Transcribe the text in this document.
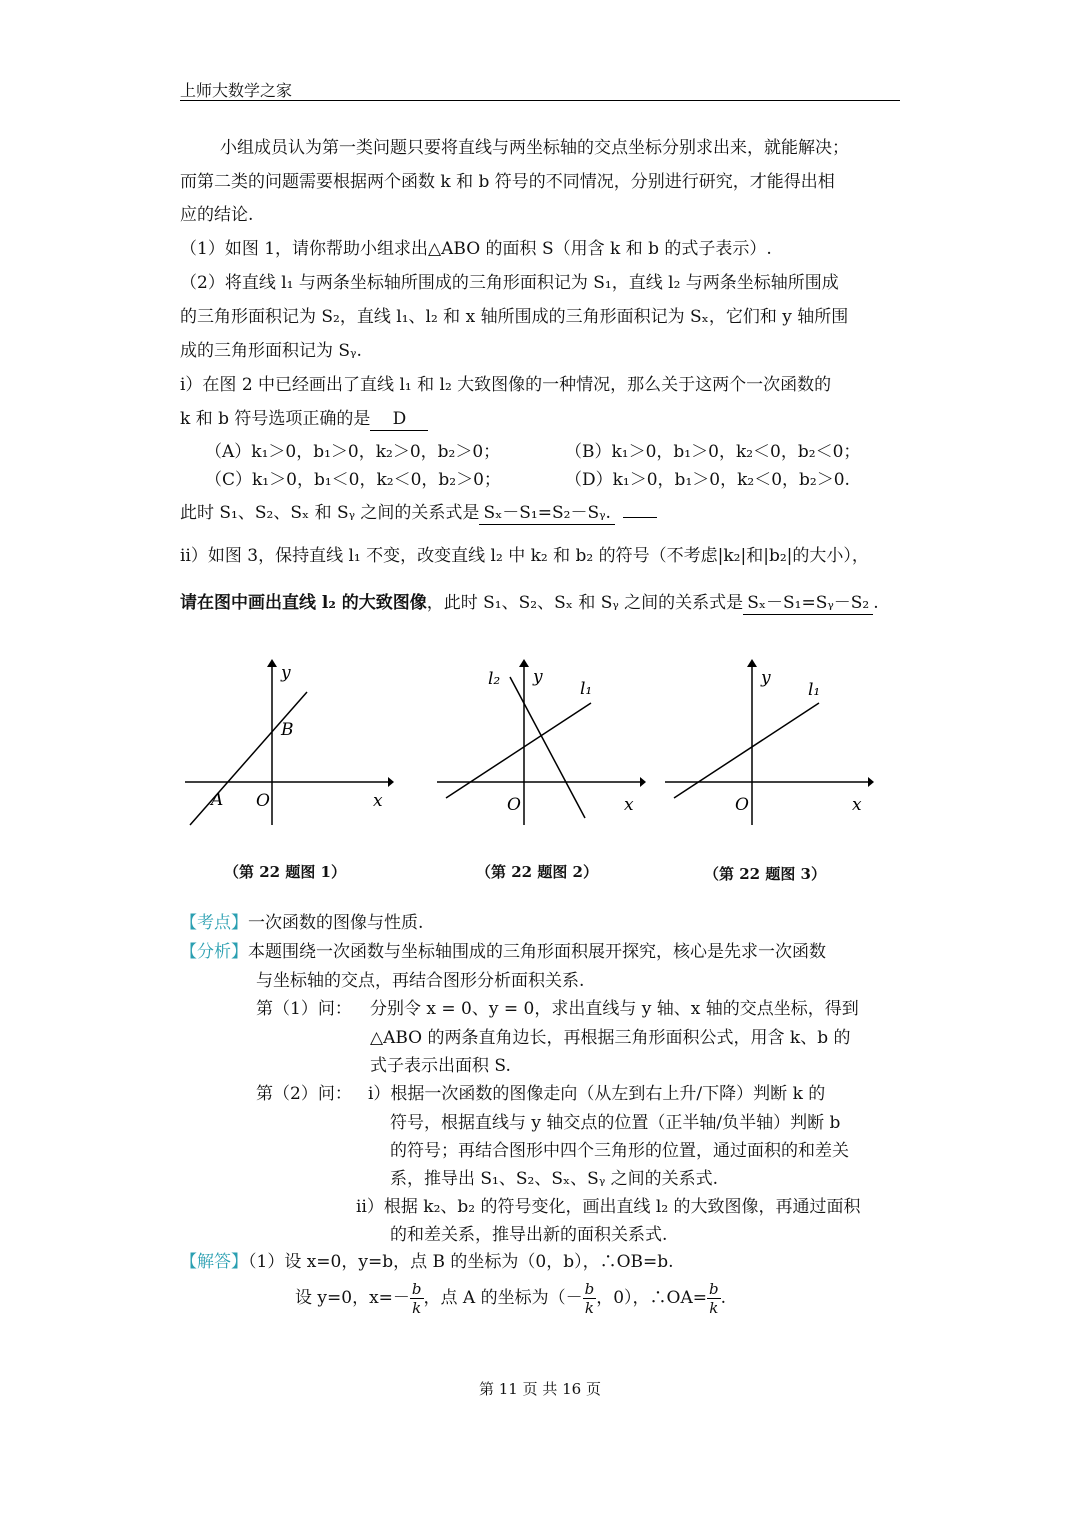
上师大数学之家
小组成员认为第一类问题只要将直线与两坐标轴的交点坐标分别求出来，就能解决；
而第二类的问题需要根据两个函数 k 和 b 符号的不同情况，分别进行研究，才能得出相
应的结论.
（1）如图 1，请你帮助小组求出△ABO 的面积 S（用含 k 和 b 的式子表示）.
（2）将直线 l₁ 与两条坐标轴所围成的三角形面积记为 S₁，直线 l₂ 与两条坐标轴所围成
的三角形面积记为 S₂，直线 l₁、l₂ 和 x 轴所围成的三角形面积记为 Sₓ，它们和 y 轴所围
成的三角形面积记为 Sᵧ.
ⅰ）在图 2 中已经画出了直线 l₁ 和 l₂ 大致图像的一种情况，那么关于这两个一次函数的
k 和 b 符号选项正确的是 D
（A）k₁＞0，b₁＞0，k₂＞0，b₂＞0；	（B）k₁＞0，b₁＞0，k₂＜0，b₂＜0；
（C）k₁＞0，b₁＜0，k₂＜0，b₂＞0；	（D）k₁＞0，b₁＞0，k₂＜0，b₂＞0.
此时 S₁、S₂、Sₓ 和 Sᵧ 之间的关系式是 Sₓ－S₁=S₂－Sᵧ.
ⅱ）如图 3，保持直线 l₁ 不变，改变直线 l₂ 中 k₂ 和 b₂ 的符号（不考虑|k₂|和|b₂|的大小），
请在图中画出直线 l₂ 的大致图像，此时 S₁、S₂、Sₓ 和 Sᵧ 之间的关系式是 Sₓ－S₁=Sᵧ－S₂ .
y
B
A O	x
（第 22 题图 1）
l₂ y
l₁
O	x
（第 22 题图 2）
y
l₁
O	x
（第 22 题图 3）
【考点】一次函数的图像与性质.
【分析】本题围绕一次函数与坐标轴围成的三角形面积展开探究，核心是先求一次函数
与坐标轴的交点，再结合图形分析面积关系.
第（1）问： 分别令 x = 0、y = 0，求出直线与 y 轴、x 轴的交点坐标，得到
△ABO 的两条直角边长，再根据三角形面积公式，用含 k、b 的
式子表示出面积 S.
第（2）问： ⅰ）根据一次函数的图像走向（从左到右上升/下降）判断 k 的
符号，根据直线与 y 轴交点的位置（正半轴/负半轴）判断 b
的符号；再结合图形中四个三角形的位置，通过面积的和差关
系，推导出 S₁、S₂、Sₓ、Sᵧ 之间的关系式.
ⅱ）根据 k₂、b₂ 的符号变化，画出直线 l₂ 的大致图像，再通过面积
的和差关系，推导出新的面积关系式.
【解答】（1）设 x=0，y=b，点 B 的坐标为（0，b），∴OB=b.
设 y=0，$x=- \frac{b}{k}$ ，点 A 的坐标为（－ $\frac{b}{k}$ ，0），∴OA= $\frac{b}{k}$ .
第 11 页 共 16 页
